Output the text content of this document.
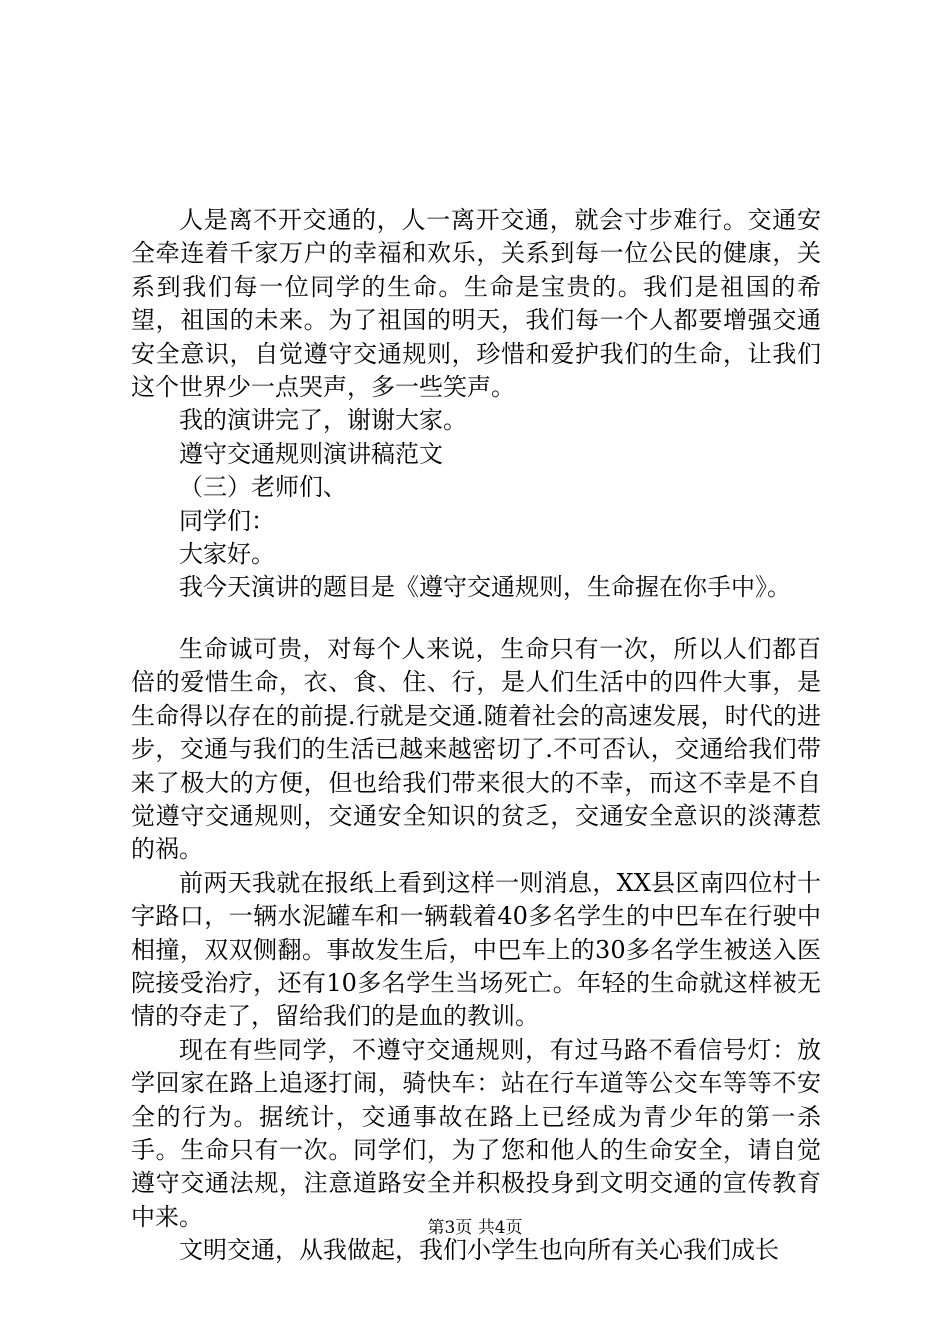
人是离不开交通的，人一离开交通，就会寸步难行。交通安全牵连着千家万户的幸福和欢乐，关系到每一位公民的健康，关系到我们每一位同学的生命。生命是宝贵的。我们是祖国的希望，祖国的未来。为了祖国的明天，我们每一个人都要增强交通安全意识，自觉遵守交通规则，珍惜和爱护我们的生命，让我们这个世界少一点哭声，多一些笑声。

我的演讲完了，谢谢大家。

遵守交通规则演讲稿范文

（三）老师们、

同学们：

大家好。

我今天演讲的题目是《遵守交通规则，生命握在你手中》。

生命诚可贵，对每个人来说，生命只有一次，所以人们都百倍的爱惜生命，衣、食、住、行，是人们生活中的四件大事，是生命得以存在的前提.行就是交通.随着社会的高速发展，时代的进步，交通与我们的生活已越来越密切了.不可否认，交通给我们带来了极大的方便，但也给我们带来很大的不幸，而这不幸是不自觉遵守交通规则，交通安全知识的贫乏，交通安全意识的淡薄惹的祸。

前两天我就在报纸上看到这样一则消息，XX县区南四位村十字路口，一辆水泥罐车和一辆载着40多名学生的中巴车在行驶中相撞，双双侧翻。事故发生后，中巴车上的30多名学生被送入医院接受治疗，还有10多名学生当场死亡。年轻的生命就这样被无情的夺走了，留给我们的是血的教训。

现在有些同学，不遵守交通规则，有过马路不看信号灯：放学回家在路上追逐打闹，骑快车：站在行车道等公交车等等不安全的行为。据统计，交通事故在路上已经成为青少年的第一杀手。生命只有一次。同学们，为了您和他人的生命安全，请自觉遵守交通法规，注意道路安全并积极投身到文明交通的宣传教育中来。

文明交通，从我做起，我们小学生也向所有关心我们成长

第3页 共4页
